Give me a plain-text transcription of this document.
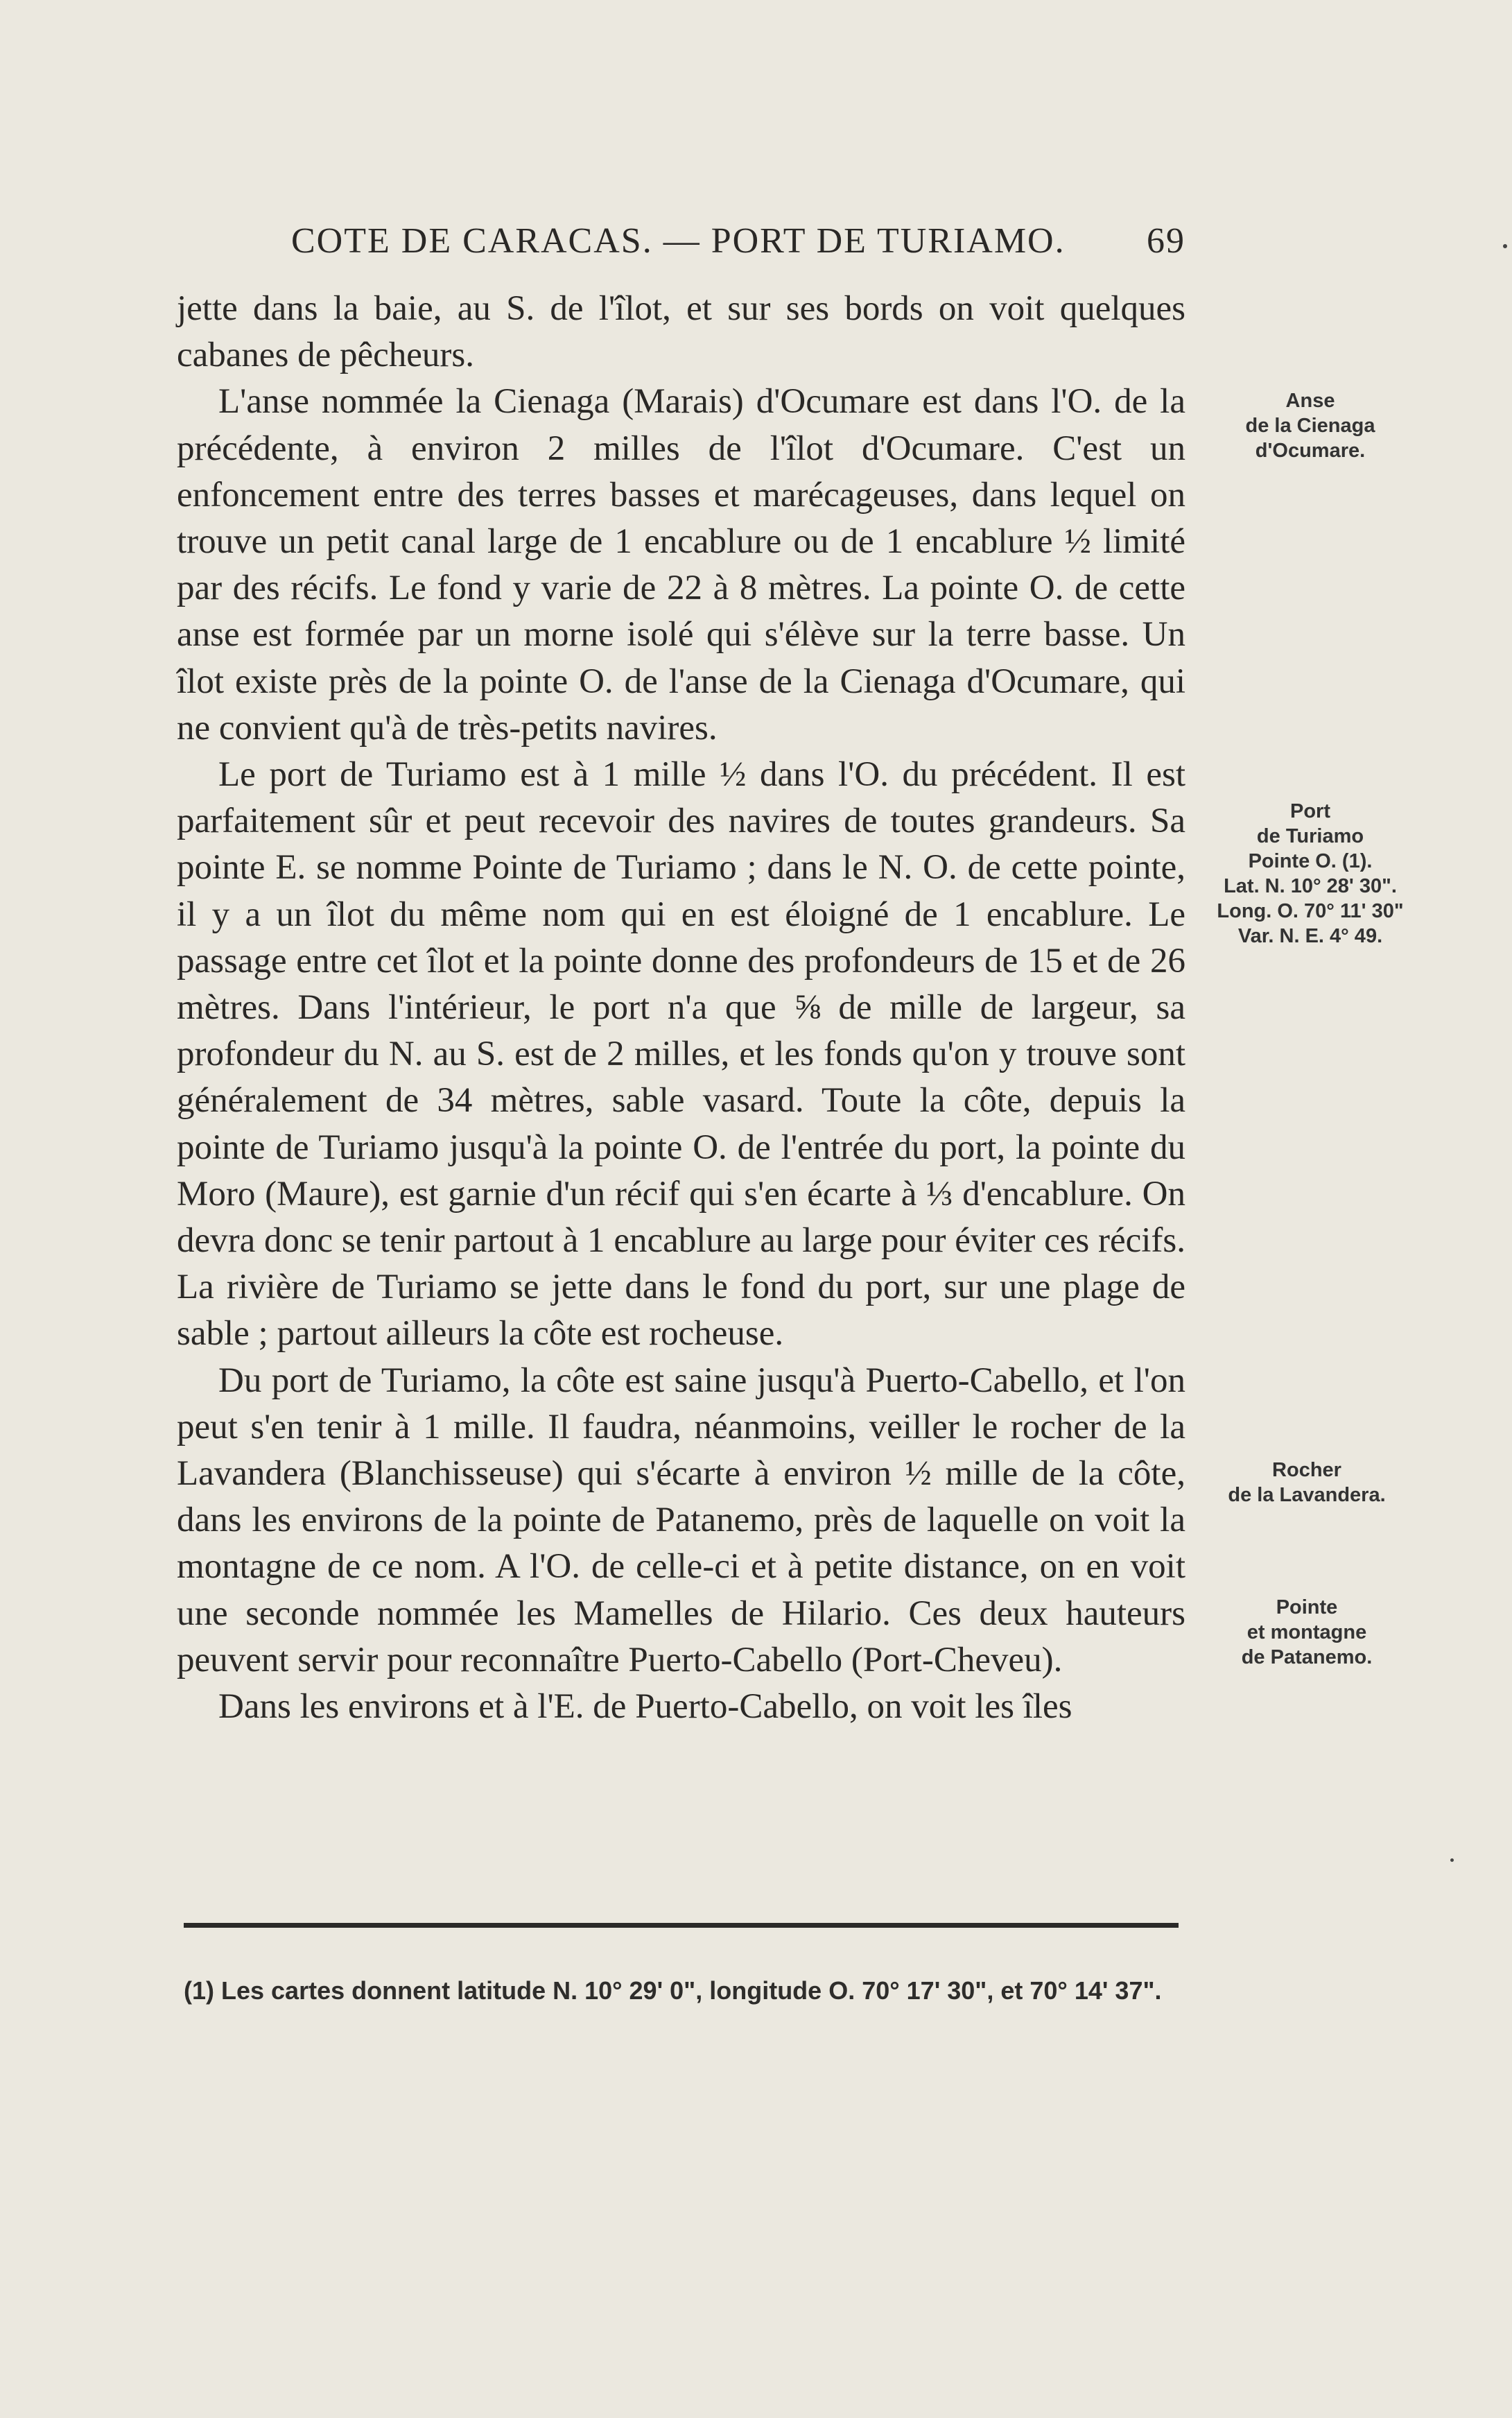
COTE DE CARACAS. — PORT DE TURIAMO. 69

jette dans la baie, au S. de l'îlot, et sur ses bords on voit quelques cabanes de pêcheurs.

L'anse nommée la Cienaga (Marais) d'Ocumare est dans l'O. de la précédente, à environ 2 milles de l'îlot d'Ocumare. C'est un enfoncement entre des terres basses et marécageuses, dans lequel on trouve un petit canal large de 1 encablure ou de 1 encablure ½ limité par des récifs. Le fond y varie de 22 à 8 mètres. La pointe O. de cette anse est formée par un morne isolé qui s'élève sur la terre basse. Un îlot existe près de la pointe O. de l'anse de la Cienaga d'Ocumare, qui ne convient qu'à de très-petits navires.

Le port de Turiamo est à 1 mille ½ dans l'O. du précédent. Il est parfaitement sûr et peut recevoir des navires de toutes grandeurs. Sa pointe E. se nomme Pointe de Turiamo ; dans le N. O. de cette pointe, il y a un îlot du même nom qui en est éloigné de 1 encablure. Le passage entre cet îlot et la pointe donne des profondeurs de 15 et de 26 mètres. Dans l'intérieur, le port n'a que ⅝ de mille de largeur, sa profondeur du N. au S. est de 2 milles, et les fonds qu'on y trouve sont généralement de 34 mètres, sable vasard. Toute la côte, depuis la pointe de Turiamo jusqu'à la pointe O. de l'entrée du port, la pointe du Moro (Maure), est garnie d'un récif qui s'en écarte à ⅓ d'encablure. On devra donc se tenir partout à 1 encablure au large pour éviter ces récifs. La rivière de Turiamo se jette dans le fond du port, sur une plage de sable ; partout ailleurs la côte est rocheuse.

Du port de Turiamo, la côte est saine jusqu'à Puerto-Cabello, et l'on peut s'en tenir à 1 mille. Il faudra, néanmoins, veiller le rocher de la Lavandera (Blanchisseuse) qui s'écarte à environ ½ mille de la côte, dans les environs de la pointe de Patanemo, près de laquelle on voit la montagne de ce nom. A l'O. de celle-ci et à petite distance, on en voit une seconde nommée les Mamelles de Hilario. Ces deux hauteurs peuvent servir pour reconnaître Puerto-Cabello (Port-Cheveu).

Dans les environs et à l'E. de Puerto-Cabello, on voit les îles

Anse
de la Cienaga
d'Ocumare.
Port
de Turiamo
Pointe O. (1).
Lat. N. 10° 28' 30".
Long. O. 70° 11' 30"
Var. N. E. 4° 49.
Rocher
de la Lavandera.
Pointe
et montagne
de Patanemo.
(1) Les cartes donnent latitude N. 10° 29' 0", longitude O. 70° 17' 30", et 70° 14' 37".
